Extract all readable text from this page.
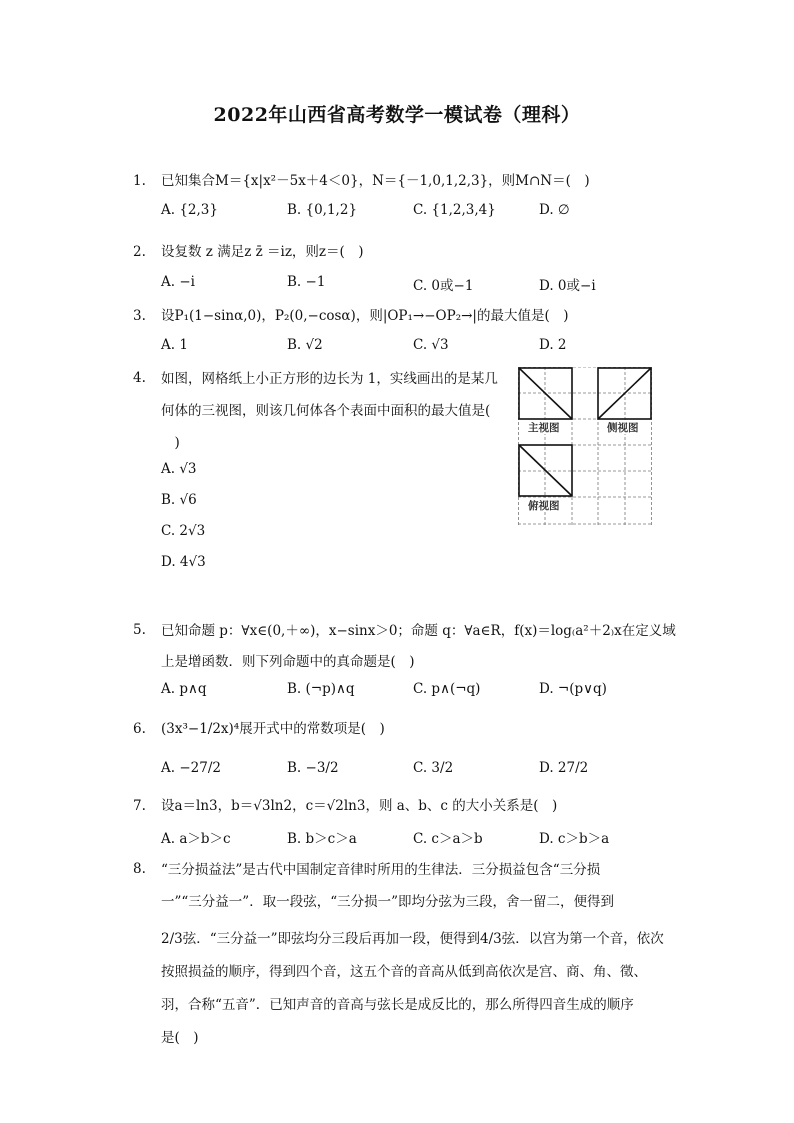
2022年山西省高考数学一模试卷（理科）
1. 已知集合M＝{x|x²－5x＋4＜0}，N＝{－1,0,1,2,3}，则M∩N＝(　)
A. {2,3}	B. {0,1,2}	C. {1,2,3,4}	D. ∅
2. 设复数 z 满足z z̄ ＝iz，则z＝(　)
A. −i	B. −1	C. 0或−1	D. 0或−i
3. 设P₁(1−sinα,0)，P₂(0,−cosα)，则|OP₁→−OP₂→|的最大值是(　)
A. 1	B. √2	C. √3	D. 2
4. 如图，网格纸上小正方形的边长为 1，实线画出的是某几
何体的三视图，则该几何体各个表面中面积的最大值是(
　)
A. √3
B. √6
C. 2√3
D. 4√3
主视图	侧视图
俯视图
5. 已知命题 p：∀x∈(0,＋∞)，x−sinx＞0；命题 q：∀a∈R，f(x)＝log₍a²＋2₎x在定义域
上是增函数．则下列命题中的真命题是(　)
A. p∧q	B. (¬p)∧q	C. p∧(¬q)	D. ¬(p∨q)
6. (3x³−1/2x)⁴展开式中的常数项是(　)
A. −27/2	B. −3/2	C. 3/2	D. 27/2
7. 设a＝ln3，b＝√3ln2，c＝√2ln3，则 a、b、c 的大小关系是(　)
A. a＞b＞c	B. b＞c＞a	C. c＞a＞b	D. c＞b＞a
8. “三分损益法”是古代中国制定音律时所用的生律法．三分损益包含“三分损
一”“三分益一”．取一段弦，“三分损一”即均分弦为三段，舍一留二，便得到
2/3弦．“三分益一”即弦均分三段后再加一段，便得到4/3弦．以宫为第一个音，依次
按照损益的顺序，得到四个音，这五个音的音高从低到高依次是宫、商、角、徵、
羽，合称“五音”．已知声音的音高与弦长是成反比的，那么所得四音生成的顺序
是(　)
